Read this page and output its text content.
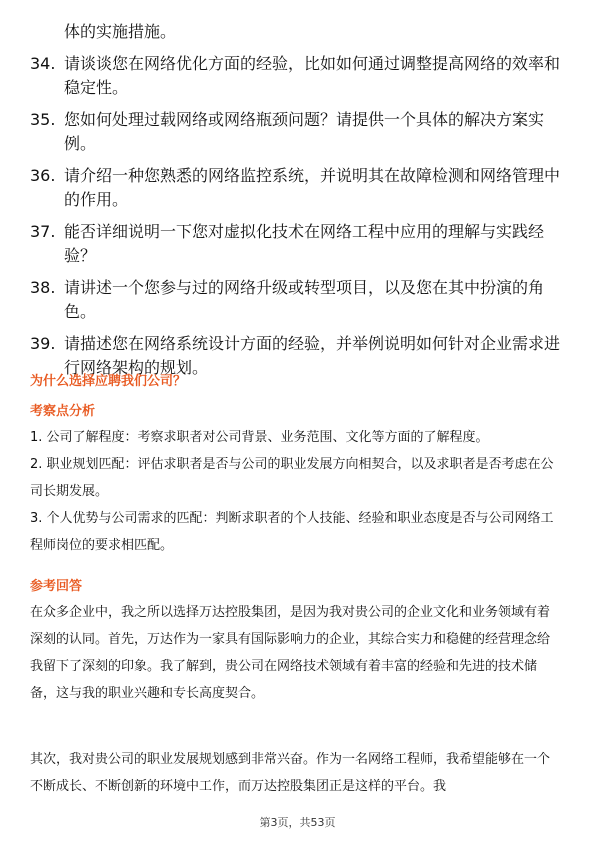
体的实施措施。

34. 请谈谈您在网络优化方面的经验，比如如何通过调整提高网络的效率和稳定性。
35. 您如何处理过载网络或网络瓶颈问题？请提供一个具体的解决方案实例。
36. 请介绍一种您熟悉的网络监控系统，并说明其在故障检测和网络管理中的作用。
37. 能否详细说明一下您对虚拟化技术在网络工程中应用的理解与实践经验？
38. 请讲述一个您参与过的网络升级或转型项目，以及您在其中扮演的角色。
39. 请描述您在网络系统设计方面的经验，并举例说明如何针对企业需求进行网络架构的规划。
为什么选择应聘我们公司？
考察点分析

1. 公司了解程度：考察求职者对公司背景、业务范围、文化等方面的了解程度。

2. 职业规划匹配：评估求职者是否与公司的职业发展方向相契合，以及求职者是否考虑在公司长期发展。

3. 个人优势与公司需求的匹配：判断求职者的个人技能、经验和职业态度是否与公司网络工程师岗位的要求相匹配。

参考回答

在众多企业中，我之所以选择万达控股集团，是因为我对贵公司的企业文化和业务领域有着深刻的认同。首先，万达作为一家具有国际影响力的企业，其综合实力和稳健的经营理念给我留下了深刻的印象。我了解到，贵公司在网络技术领域有着丰富的经验和先进的技术储备，这与我的职业兴趣和专长高度契合。

其次，我对贵公司的职业发展规划感到非常兴奋。作为一名网络工程师，我希望能够在一个不断成长、不断创新的环境中工作，而万达控股集团正是这样的平台。我

第3页，共53页
